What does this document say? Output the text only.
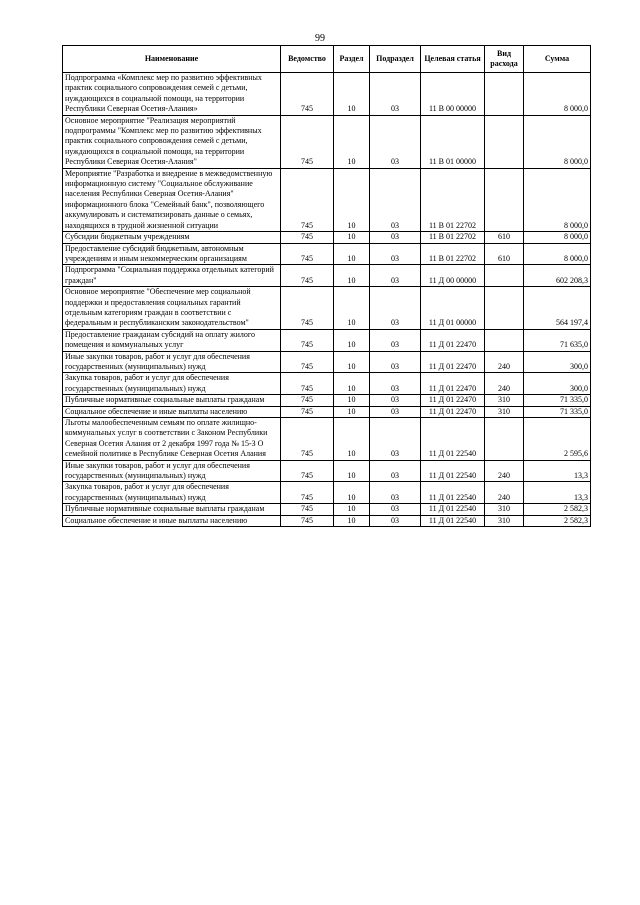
99
Наименование	Ведомство	Раздел	Подраздел	Целевая статья	Вид расхода	Сумма
Подпрограмма «Комплекс мер по развитию эффективных практик социального сопровождения семей с детьми, нуждающихся в социальной помощи, на территории Республики Северная Осетия-Алания»	745	10	03	11 В 00 00000		8 000,0
Основное мероприятие "Реализация мероприятий подпрограммы "Комплекс мер по развитию эффективных практик социального сопровождения семей с детьми, нуждающихся в социальной помощи, на территории Республики Северная Осетия-Алания"	745	10	03	11 В 01 00000		8 000,0
Мероприятие "Разработка и внедрение в межведомственную информационную систему "Социальное обслуживание населения Республики Северная Осетия-Алания" информационного блока "Семейный банк", позволяющего аккумулировать и систематизировать данные о семьях, находящихся в трудной жизненной ситуации	745	10	03	11 В 01 22702		8 000,0
Субсидии бюджетным учреждениям	745	10	03	11 В 01 22702	610	8 000,0
Предоставление субсидий бюджетным, автономным учреждениям и иным некоммерческим организациям	745	10	03	11 В 01 22702	610	8 000,0
Подпрограмма "Социальная поддержка отдельных категорий граждан"	745	10	03	11 Д 00 00000		602 208,3
Основное мероприятие "Обеспечение мер социальной поддержки и предоставления социальных гарантий отдельным категориям граждан в соответствии с федеральным и республиканским законодательством"	745	10	03	11 Д 01 00000		564 197,4
Предоставление гражданам субсидий на оплату жилого помещения и коммунальных услуг	745	10	03	11 Д 01 22470		71 635,0
Иные закупки товаров, работ и услуг для обеспечения государственных (муниципальных) нужд	745	10	03	11 Д 01 22470	240	300,0
Закупка товаров, работ и услуг для обеспечения государственных (муниципальных) нужд	745	10	03	11 Д 01 22470	240	300,0
Публичные нормативные социальные выплаты гражданам	745	10	03	11 Д 01 22470	310	71 335,0
Социальное обеспечение и иные выплаты населению	745	10	03	11 Д 01 22470	310	71 335,0
Льготы малообеспеченным семьям по оплате жилищно-коммунальных услуг в соответствии с Законом Республики Северная Осетия Алания от 2 декабря 1997 года № 15-З О семейной политике в Республике Северная Осетия Алания	745	10	03	11 Д 01 22540		2 595,6
Иные закупки товаров, работ и услуг для обеспечения государственных (муниципальных) нужд	745	10	03	11 Д 01 22540	240	13,3
Закупка товаров, работ и услуг для обеспечения государственных (муниципальных) нужд	745	10	03	11 Д 01 22540	240	13,3
Публичные нормативные социальные выплаты гражданам	745	10	03	11 Д 01 22540	310	2 582,3
Социальное обеспечение и иные выплаты населению	745	10	03	11 Д 01 22540	310	2 582,3
